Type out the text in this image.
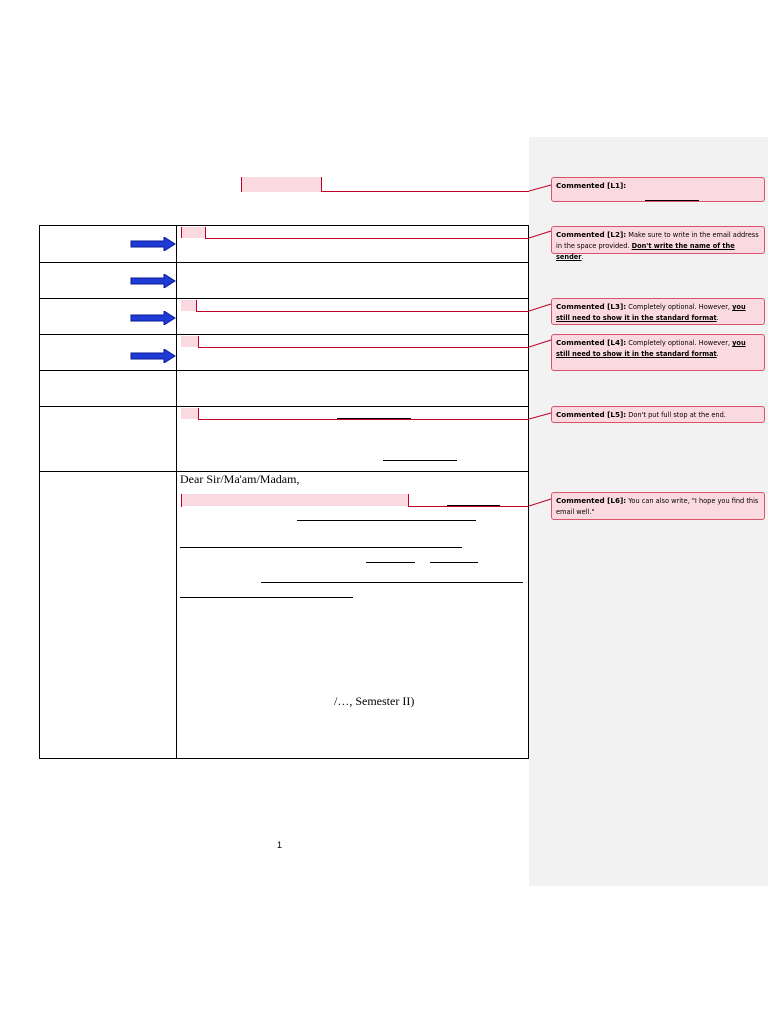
Dear Sir/Ma'am/Madam,
/…, Semester II)
Commented [L1]:
Commented [L2]: Make sure to write in the email address in the space provided. Don't write the name of the sender.
Commented [L3]: Completely optional. However, you still need to show it in the standard format.
Commented [L4]: Completely optional. However, you still need to show it in the standard format.
Commented [L5]: Don't put full stop at the end.
Commented [L6]: You can also write, "I hope you find this email well."
1
